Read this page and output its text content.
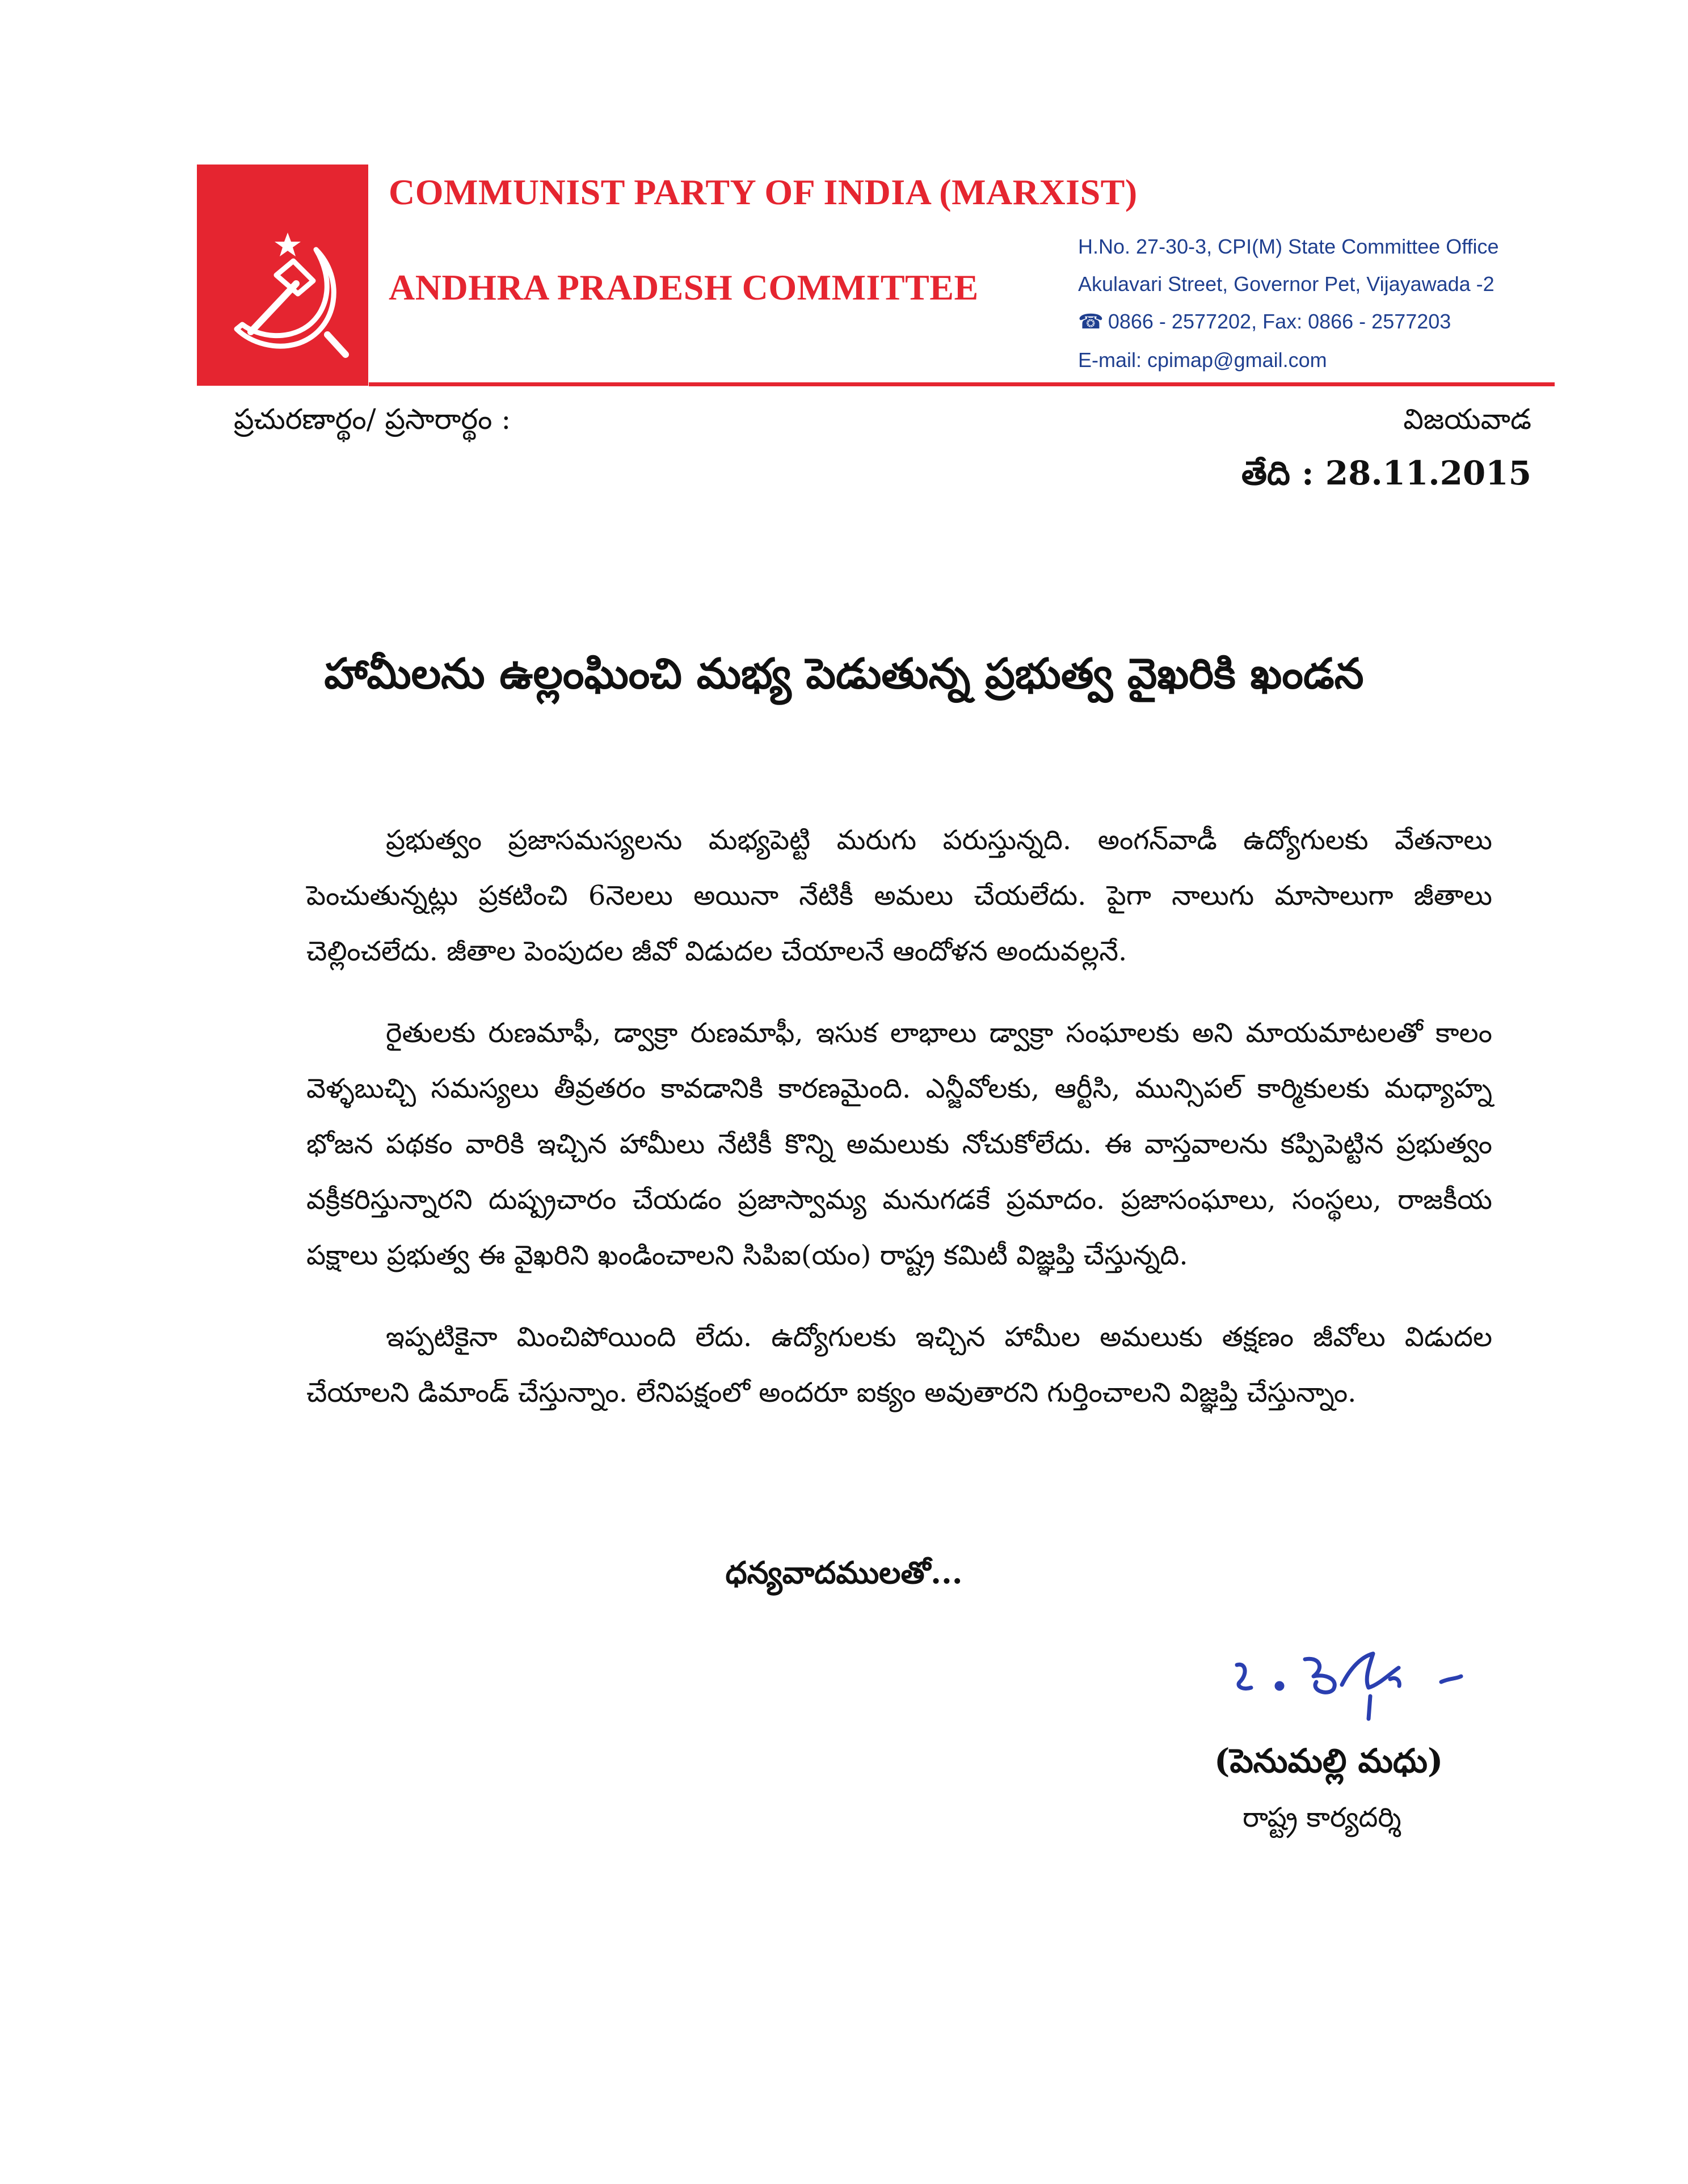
COMMUNIST PARTY OF INDIA (MARXIST)
ANDHRA PRADESH COMMITTEE
H.No. 27-30-3, CPI(M) State Committee Office
Akulavari Street, Governor Pet, Vijayawada -2
☎ 0866 - 2577202, Fax: 0866 - 2577203
E-mail: cpimap@gmail.com
ప్రచురణార్థం/ ప్రసారార్థం :	విజయవాడ
తేది : 28.11.2015
హామీలను ఉల్లంఘించి మభ్య పెడుతున్న ప్రభుత్వ వైఖరికి ఖండన

ప్రభుత్వం ప్రజాసమస్యలను మభ్యపెట్టి మరుగు పరుస్తున్నది. అంగన్‌వాడీ ఉద్యోగులకు వేతనాలు పెంచుతున్నట్లు ప్రకటించి 6నెలలు అయినా నేటికీ అమలు చేయలేదు. పైగా నాలుగు మాసాలుగా జీతాలు చెల్లించలేదు. జీతాల పెంపుదల జీవో విడుదల చేయాలనే ఆందోళన అందువల్లనే.

రైతులకు రుణమాఫీ, డ్వాక్రా రుణమాఫీ, ఇసుక లాభాలు డ్వాక్రా సంఘాలకు అని మాయమాటలతో కాలం వెళ్ళబుచ్చి సమస్యలు తీవ్రతరం కావడానికి కారణమైంది. ఎన్జీవోలకు, ఆర్టీసి, మున్సిపల్ కార్మికులకు మధ్యాహ్న భోజన పథకం వారికి ఇచ్చిన హామీలు నేటికీ కొన్ని అమలుకు నోచుకోలేదు. ఈ వాస్తవాలను కప్పిపెట్టిన ప్రభుత్వం వక్రీకరిస్తున్నారని దుష్ప్రచారం చేయడం ప్రజాస్వామ్య మనుగడకే ప్రమాదం. ప్రజాసంఘాలు, సంస్థలు, రాజకీయ పక్షాలు ప్రభుత్వ ఈ వైఖరిని ఖండించాలని సిపిఐ(యం) రాష్ట్ర కమిటీ విజ్ఞప్తి చేస్తున్నది.

ఇప్పటికైనా మించిపోయింది లేదు. ఉద్యోగులకు ఇచ్చిన హామీల అమలుకు తక్షణం జీవోలు విడుదల చేయాలని డిమాండ్ చేస్తున్నాం. లేనిపక్షంలో అందరూ ఐక్యం అవుతారని గుర్తించాలని విజ్ఞప్తి చేస్తున్నాం.

ధన్యవాదములతో...
(పెనుమల్లి మధు)
రాష్ట్ర కార్యదర్శి
